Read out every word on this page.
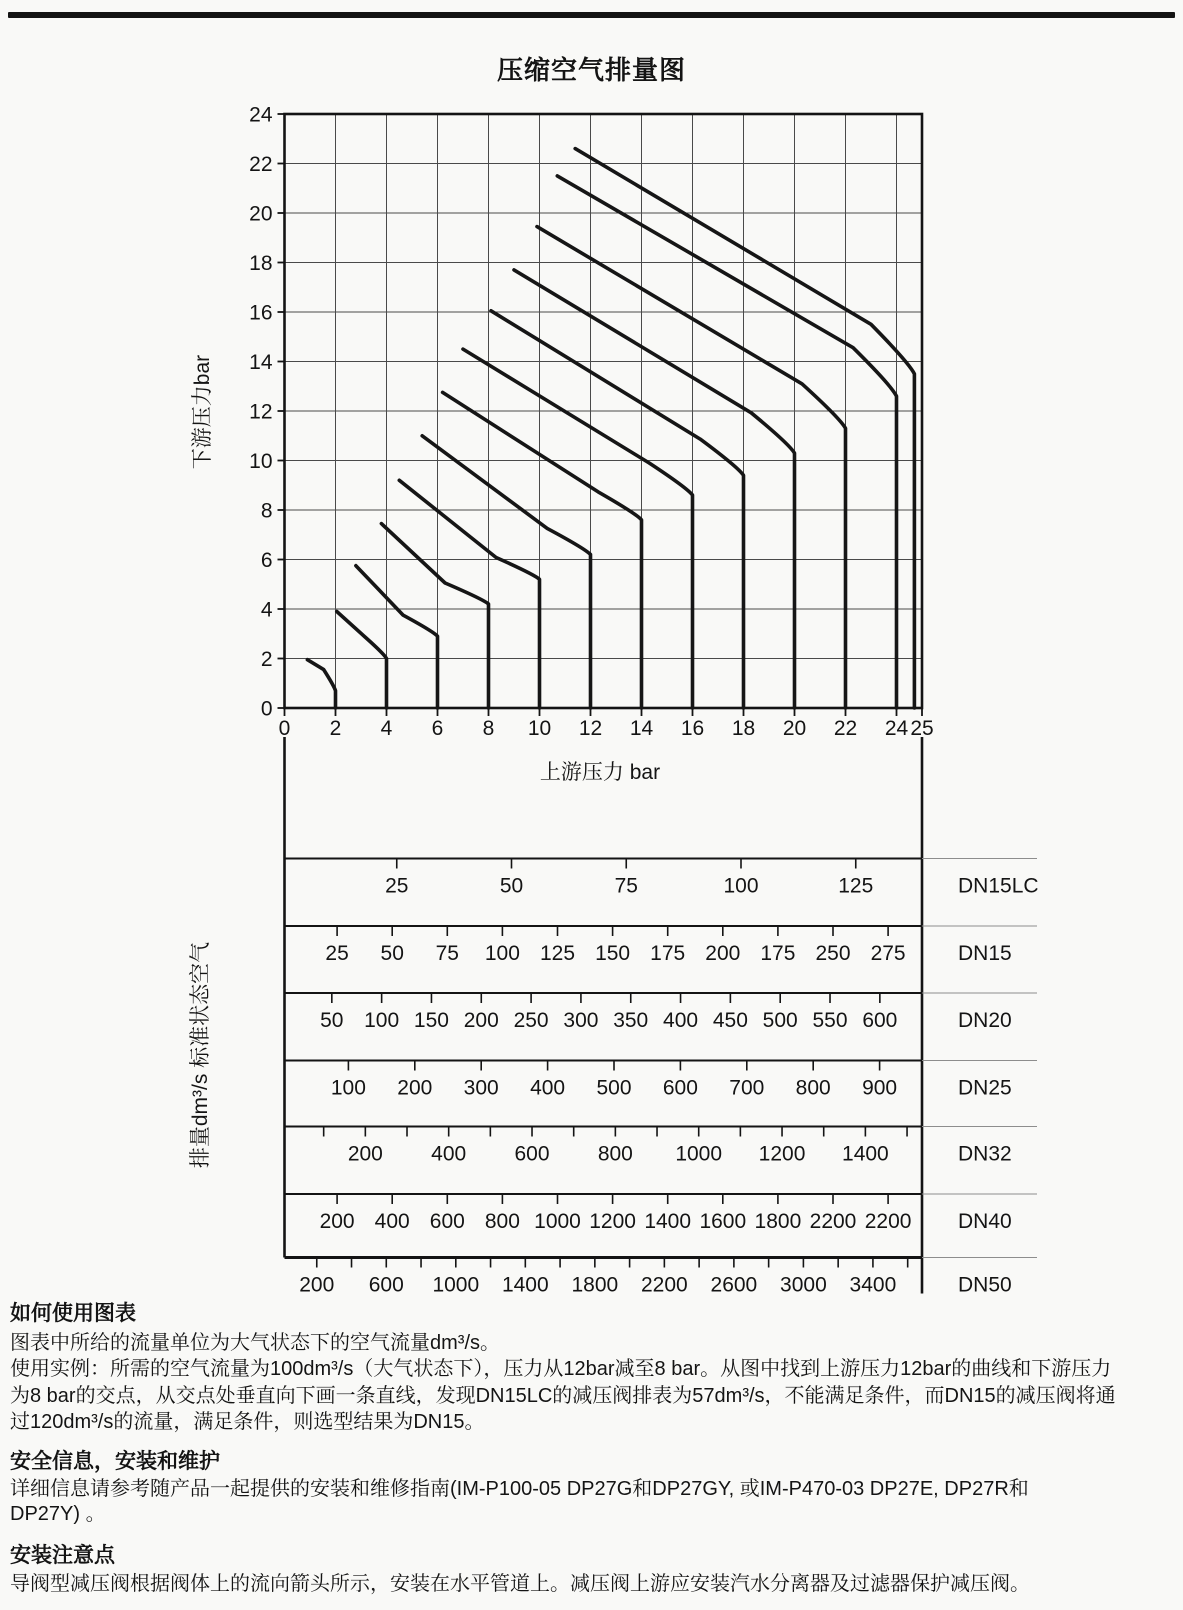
压缩空气排量图
0 2 4 6 8 10 12 14 16 18 20 22 24 25
0
2
4
6
8
10
12
14
16
18
20
22
24
上游压力 bar
下游压力bar
排量dm³/s 标准状态空气
25	50	75	100	125	DN15LC
25 50 75 100 125 150 175 200 175 250 275 DN15
50 100 150 200 250 300 350 400 450 500 550 600	DN20
100 200 300 400 500 600 700 800 900	DN25
200 400 600 800 1000 1200 1400	DN32
200 400 600 800 1000 1200 1400 1600 1800 2200 2200 DN40
200 600 1000 1400 1800 2200 2600 3000 3400	DN50
如何使用图表
图表中所给的流量单位为大气状态下的空气流量dm³/s。
使用实例：所需的空气流量为100dm³/s（大气状态下），压力从12bar减至8 bar。从图中找到上游压力12bar的曲线和下游压力
为8 bar的交点，从交点处垂直向下画一条直线，发现DN15LC的减压阀排表为57dm³/s，不能满足条件，而DN15的减压阀将通
过120dm³/s的流量，满足条件，则选型结果为DN15。
安全信息，安装和维护
详细信息请参考随产品一起提供的安装和维修指南(IM-P100-05 DP27G和DP27GY, 或IM-P470-03 DP27E, DP27R和
DP27Y) 。
安装注意点
导阀型减压阀根据阀体上的流向箭头所示，安装在水平管道上。减压阀上游应安装汽水分离器及过滤器保护减压阀。
